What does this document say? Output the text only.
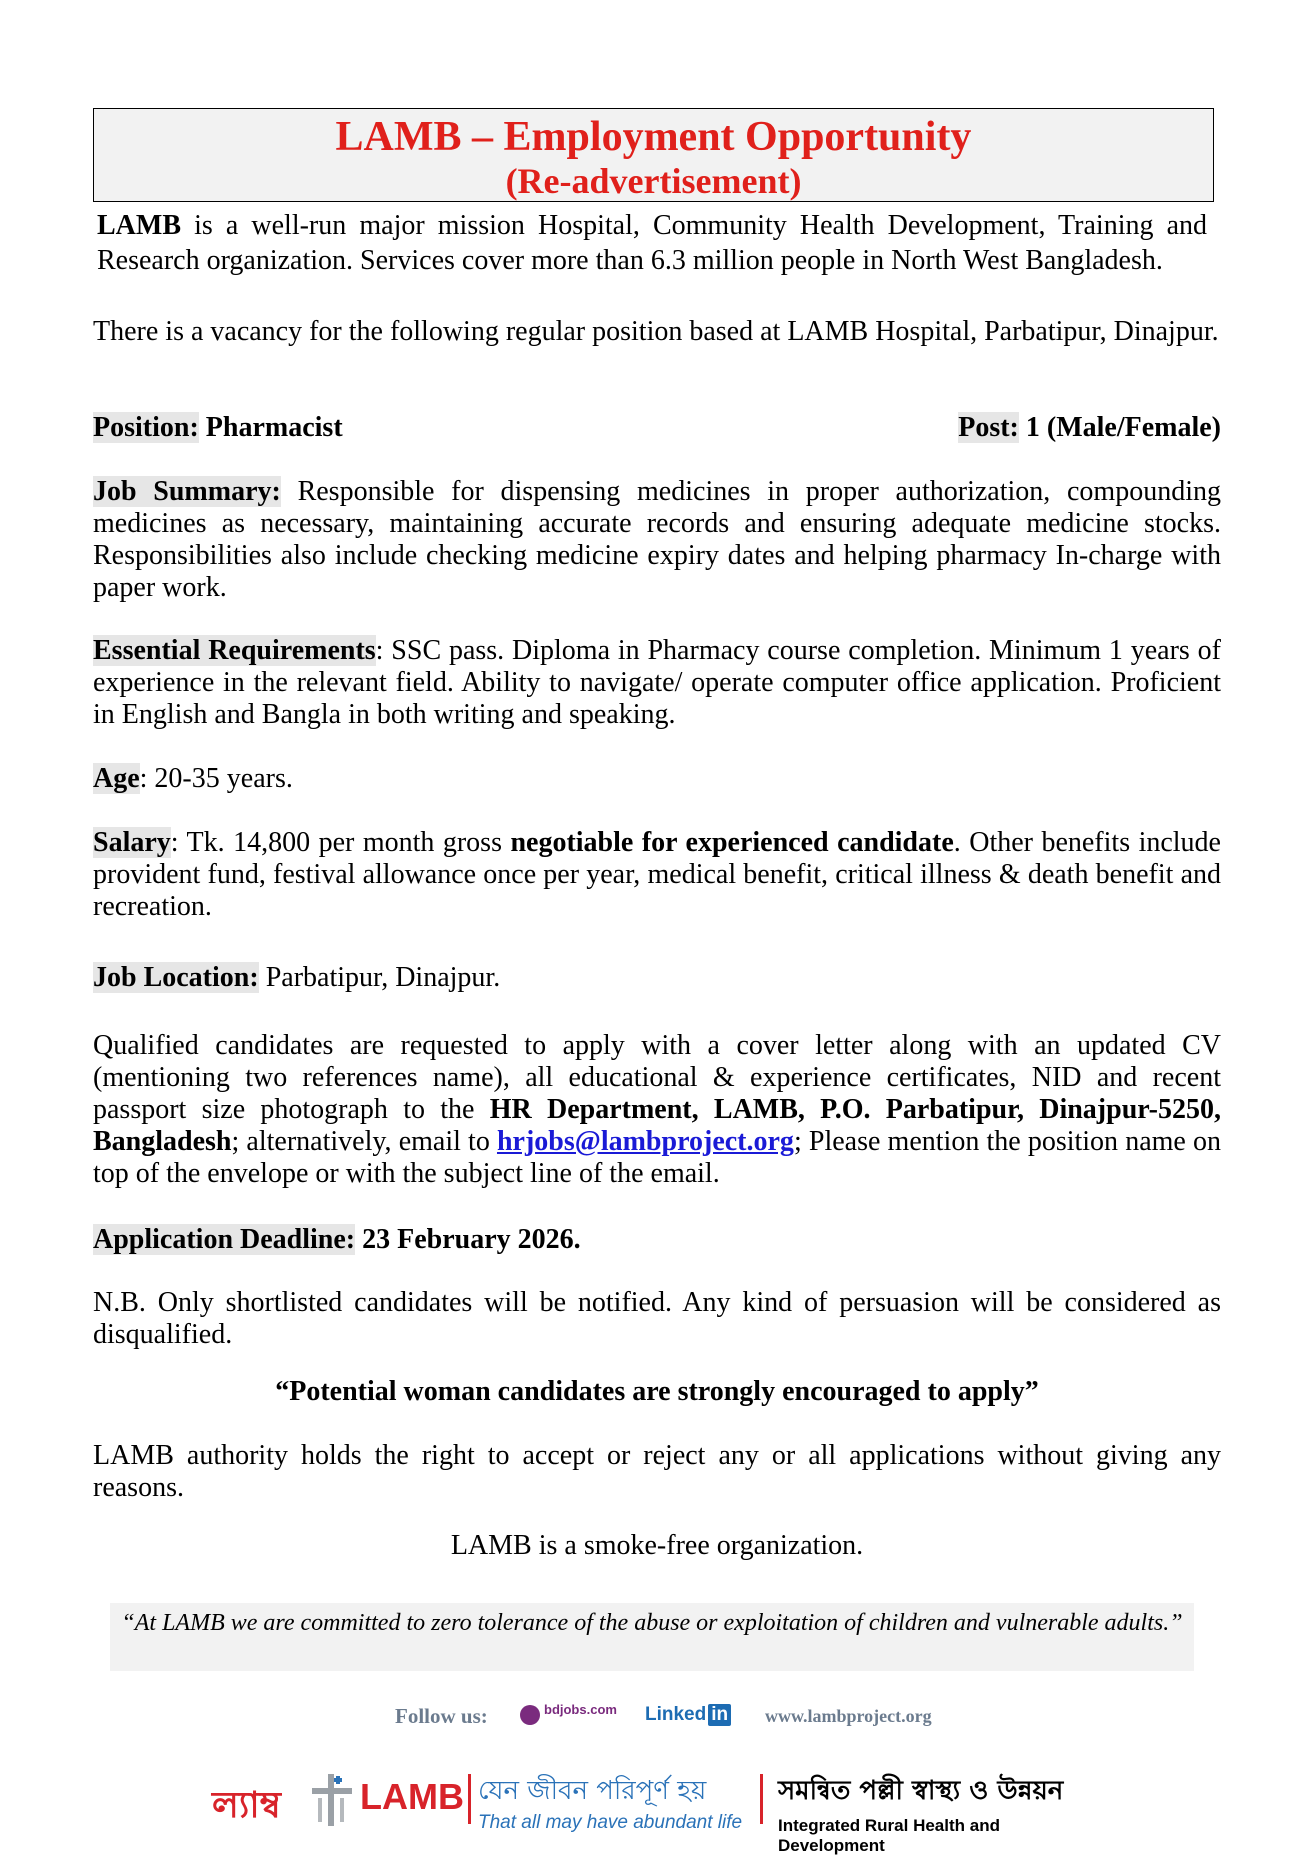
LAMB – Employment Opportunity
(Re-advertisement)
LAMB is a well-run major mission Hospital, Community Health Development, Training and Research organization. Services cover more than 6.3 million people in North West Bangladesh.
There is a vacancy for the following regular position based at LAMB Hospital, Parbatipur, Dinajpur.
Position: Pharmacist	Post: 1 (Male/Female)
Job Summary: Responsible for dispensing medicines in proper authorization, compounding medicines as necessary, maintaining accurate records and ensuring adequate medicine stocks. Responsibilities also include checking medicine expiry dates and helping pharmacy In-charge with paper work.
Essential Requirements: SSC pass. Diploma in Pharmacy course completion. Minimum 1 years of experience in the relevant field. Ability to navigate/ operate computer office application. Proficient in English and Bangla in both writing and speaking.
Age: 20-35 years.
Salary: Tk. 14,800 per month gross negotiable for experienced candidate. Other benefits include provident fund, festival allowance once per year, medical benefit, critical illness & death benefit and recreation.
Job Location: Parbatipur, Dinajpur.
Qualified candidates are requested to apply with a cover letter along with an updated CV (mentioning two references name), all educational & experience certificates, NID and recent passport size photograph to the HR Department, LAMB, P.O. Parbatipur, Dinajpur-5250, Bangladesh; alternatively, email to hrjobs@lambproject.org; Please mention the position name on top of the envelope or with the subject line of the email.
Application Deadline: 23 February 2026.
N.B. Only shortlisted candidates will be notified. Any kind of persuasion will be considered as disqualified.
“Potential woman candidates are strongly encouraged to apply”
LAMB authority holds the right to accept or reject any or all applications without giving any reasons.
LAMB is a smoke-free organization.
“At LAMB we are committed to zero tolerance of the abuse or exploitation of children and vulnerable adults.”
Follow us:	bdjobs.com Linked in www.lambproject.org
ল্যাম্ব LAMB যেন জীবন পরিপূর্ণ হয়
That all may have abundant life
সমন্বিত পল্লী স্বাস্থ্য ও উন্নয়ন
Integrated Rural Health and Development
